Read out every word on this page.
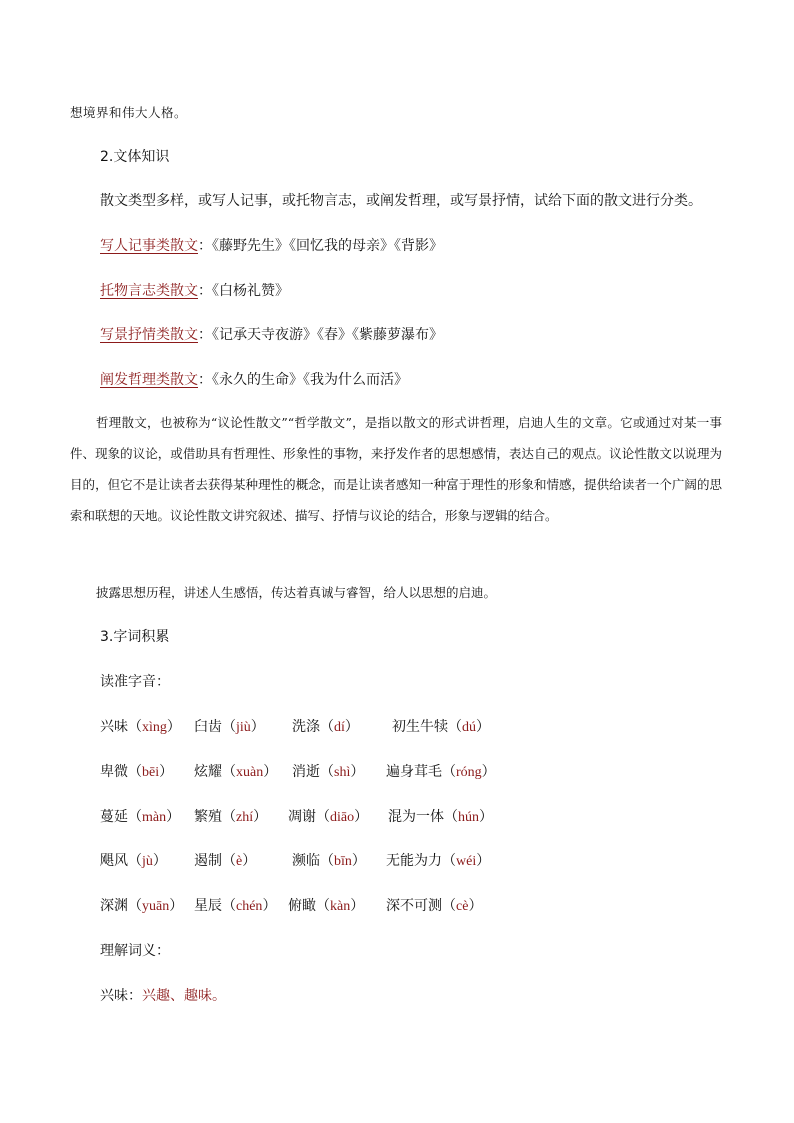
想境界和伟大人格。
2.文体知识
散文类型多样，或写人记事，或托物言志，或阐发哲理，或写景抒情，试给下面的散文进行分类。
写人记事类散文：《藤野先生》《回忆我的母亲》《背影》
托物言志类散文：《白杨礼赞》
写景抒情类散文：《记承天寺夜游》《春》《紫藤萝瀑布》
阐发哲理类散文：《永久的生命》《我为什么而活》
哲理散文，也被称为“议论性散文”“哲学散文”，是指以散文的形式讲哲理，启迪人生的文章。它或通过对某一事件、现象的议论，或借助具有哲理性、形象性的事物，来抒发作者的思想感情，表达自己的观点。议论性散文以说理为目的，但它不是让读者去获得某种理性的概念，而是让读者感知一种富于理性的形象和情感，提供给读者一个广阔的思索和联想的天地。议论性散文讲究叙述、描写、抒情与议论的结合，形象与逻辑的结合。
披露思想历程，讲述人生感悟，传达着真诚与睿智，给人以思想的启迪。
3.字词积累
读准字音：
兴味（xìng） 臼齿（jiù） 洗涤（dí） 初生牛犊（dú）
卑微（bēi） 炫耀（xuàn） 消逝（shì） 遍身茸毛（róng）
蔓延（màn） 繁殖（zhí） 凋谢（diāo） 混为一体（hún）
飓风（jù） 遏制（è）	濒临（bīn） 无能为力（wéi）
深渊（yuān） 星辰（chén） 俯瞰（kàn） 深不可测（cè）
理解词义：
兴味：兴趣、趣味。
